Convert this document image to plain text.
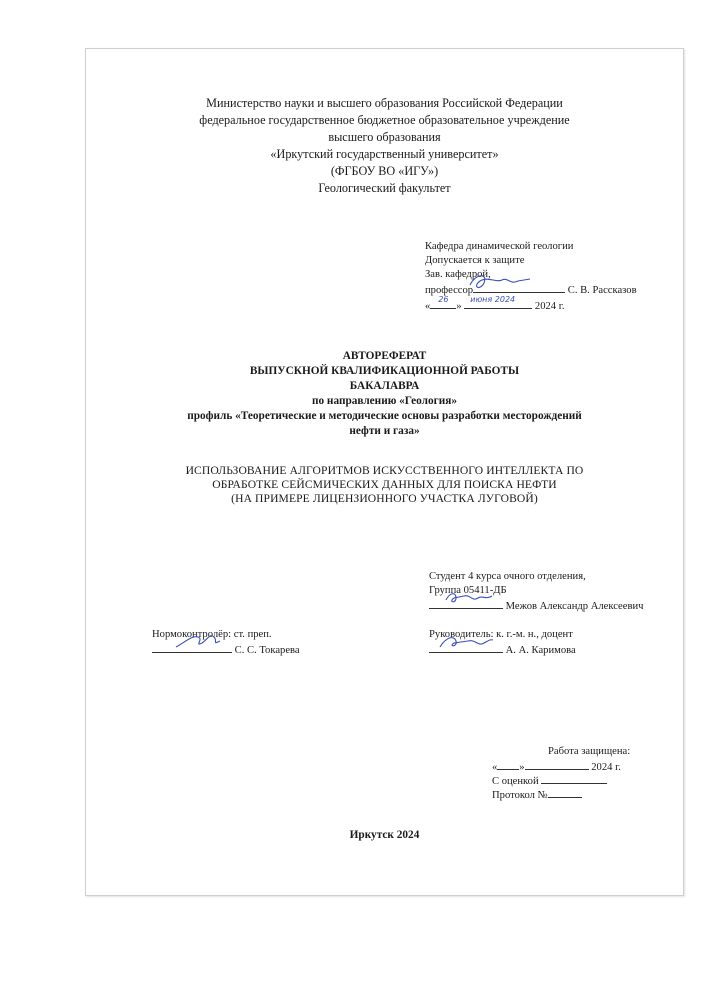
Министерство науки и высшего образования Российской Федерации
федеральное государственное бюджетное образовательное учреждение
высшего образования
«Иркутский государственный университет»
(ФГБОУ ВО «ИГУ»)
Геологический факультет
Кафедра динамической геологии
Допускается к защите
Зав. кафедрой,
профессор	С. В. Рассказов
«
26
»
июня 2024
2024 г.
АВТОРЕФЕРАТ
ВЫПУСКНОЙ КВАЛИФИКАЦИОННОЙ РАБОТЫ
БАКАЛАВРА
по направлению «Геология»
профиль «Теоретические и методические основы разработки месторождений
нефти и газа»
ИСПОЛЬЗОВАНИЕ АЛГОРИТМОВ ИСКУССТВЕННОГО ИНТЕЛЛЕКТА ПО
ОБРАБОТКЕ СЕЙСМИЧЕСКИХ ДАННЫХ ДЛЯ ПОИСКА НЕФТИ
(НА ПРИМЕРЕ ЛИЦЕНЗИОННОГО УЧАСТКА ЛУГОВОЙ)
Студент 4 курса очного отделения,
Группа 05411-ДБ
Межов Александр Алексеевич
Нормоконтролёр: ст. преп.
С. С. Токарева
Руководитель: к. г.-м. н., доцент
А. А. Каримова
Работа защищена:
« »	2024 г.
С оценкой
Протокол №
Иркутск 2024
